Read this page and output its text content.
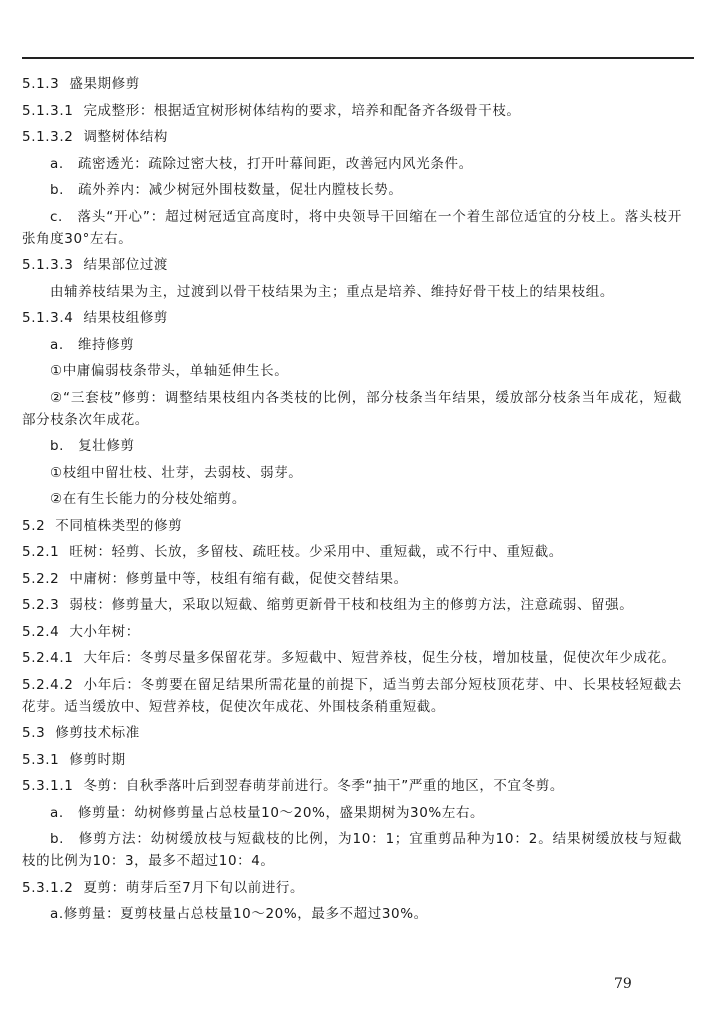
5.1.3 盛果期修剪

5.1.3.1 完成整形：根据适宜树形树体结构的要求，培养和配备齐各级骨干枝。

5.1.3.2 调整树体结构

a.　疏密透光：疏除过密大枝，打开叶幕间距，改善冠内风光条件。

b.　疏外养内：减少树冠外围枝数量，促壮内膛枝长势。

c.　落头“开心”：超过树冠适宜高度时，将中央领导干回缩在一个着生部位适宜的分枝上。落头枝开张角度30°左右。

5.1.3.3 结果部位过渡

由辅养枝结果为主，过渡到以骨干枝结果为主；重点是培养、维持好骨干枝上的结果枝组。

5.1.3.4 结果枝组修剪

a.　维持修剪

①中庸偏弱枝条带头，单轴延伸生长。

②“三套枝”修剪：调整结果枝组内各类枝的比例，部分枝条当年结果，缓放部分枝条当年成花，短截部分枝条次年成花。

b.　复壮修剪

①枝组中留壮枝、壮芽，去弱枝、弱芽。

②在有生长能力的分枝处缩剪。

5.2 不同植株类型的修剪

5.2.1 旺树：轻剪、长放，多留枝、疏旺枝。少采用中、重短截，或不行中、重短截。

5.2.2 中庸树：修剪量中等，枝组有缩有截，促使交替结果。

5.2.3 弱枝：修剪量大，采取以短截、缩剪更新骨干枝和枝组为主的修剪方法，注意疏弱、留强。

5.2.4 大小年树：

5.2.4.1 大年后：冬剪尽量多保留花芽。多短截中、短营养枝，促生分枝，增加枝量，促使次年少成花。

5.2.4.2 小年后：冬剪要在留足结果所需花量的前提下，适当剪去部分短枝顶花芽、中、长果枝轻短截去花芽。适当缓放中、短营养枝，促使次年成花、外围枝条稍重短截。

5.3 修剪技术标准

5.3.1 修剪时期

5.3.1.1 冬剪：自秋季落叶后到翌春萌芽前进行。冬季“抽干”严重的地区，不宜冬剪。

a.　修剪量：幼树修剪量占总枝量10～20%，盛果期树为30%左右。

b.　修剪方法：幼树缓放枝与短截枝的比例，为10：1；宜重剪品种为10：2。结果树缓放枝与短截枝的比例为10：3，最多不超过10：4。

5.3.1.2 夏剪：萌芽后至7月下旬以前进行。

a.修剪量：夏剪枝量占总枝量10～20%，最多不超过30%。

79
